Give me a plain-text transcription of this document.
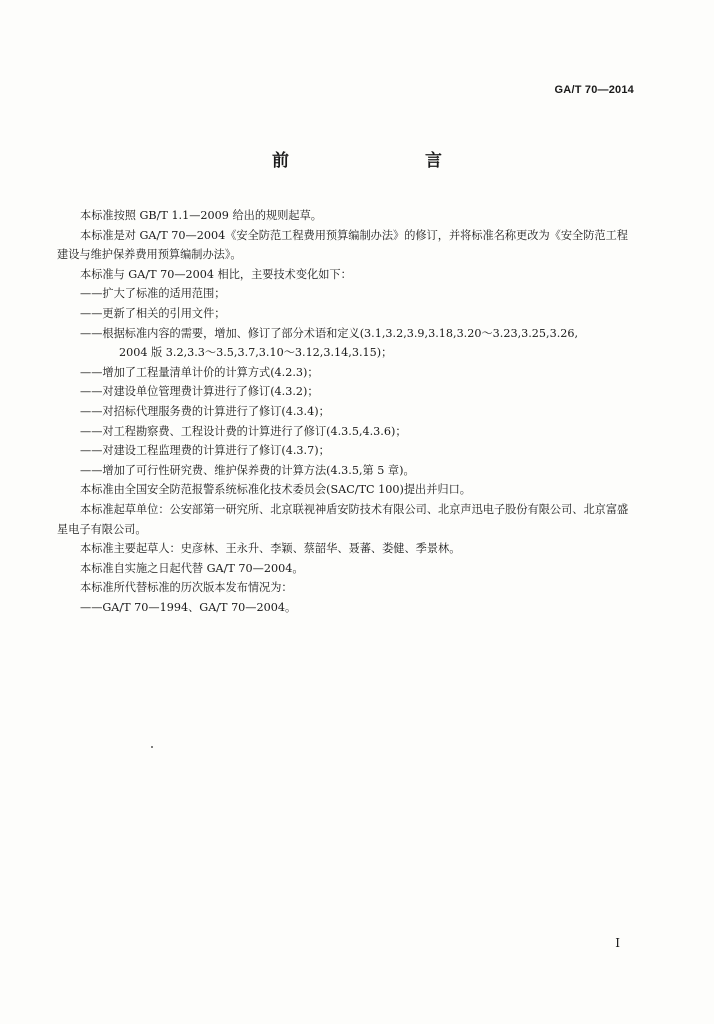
GA/T 70—2014
前　　言

本标准按照 GB/T 1.1—2009 给出的规则起草。

本标准是对 GA/T 70—2004《安全防范工程费用预算编制办法》的修订，并将标准名称更改为《安全防范工程建设与维护保养费用预算编制办法》。

本标准与 GA/T 70—2004 相比，主要技术变化如下：

——扩大了标准的适用范围；

——更新了相关的引用文件；

——根据标准内容的需要，增加、修订了部分术语和定义(3.1,3.2,3.9,3.18,3.20～3.23,3.25,3.26,

2004 版 3.2,3.3～3.5,3.7,3.10～3.12,3.14,3.15)；

——增加了工程量清单计价的计算方式(4.2.3)；

——对建设单位管理费计算进行了修订(4.3.2)；

——对招标代理服务费的计算进行了修订(4.3.4)；

——对工程勘察费、工程设计费的计算进行了修订(4.3.5,4.3.6)；

——对建设工程监理费的计算进行了修订(4.3.7)；

——增加了可行性研究费、维护保养费的计算方法(4.3.5,第 5 章)。

本标准由全国安全防范报警系统标准化技术委员会(SAC/TC 100)提出并归口。

本标准起草单位：公安部第一研究所、北京联视神盾安防技术有限公司、北京声迅电子股份有限公司、北京富盛星电子有限公司。

本标准主要起草人：史彦林、王永升、李颖、蔡韶华、聂蕃、娄健、季景林。

本标准自实施之日起代替 GA/T 70—2004。

本标准所代替标准的历次版本发布情况为：

——GA/T 70—1994、GA/T 70—2004。

I
